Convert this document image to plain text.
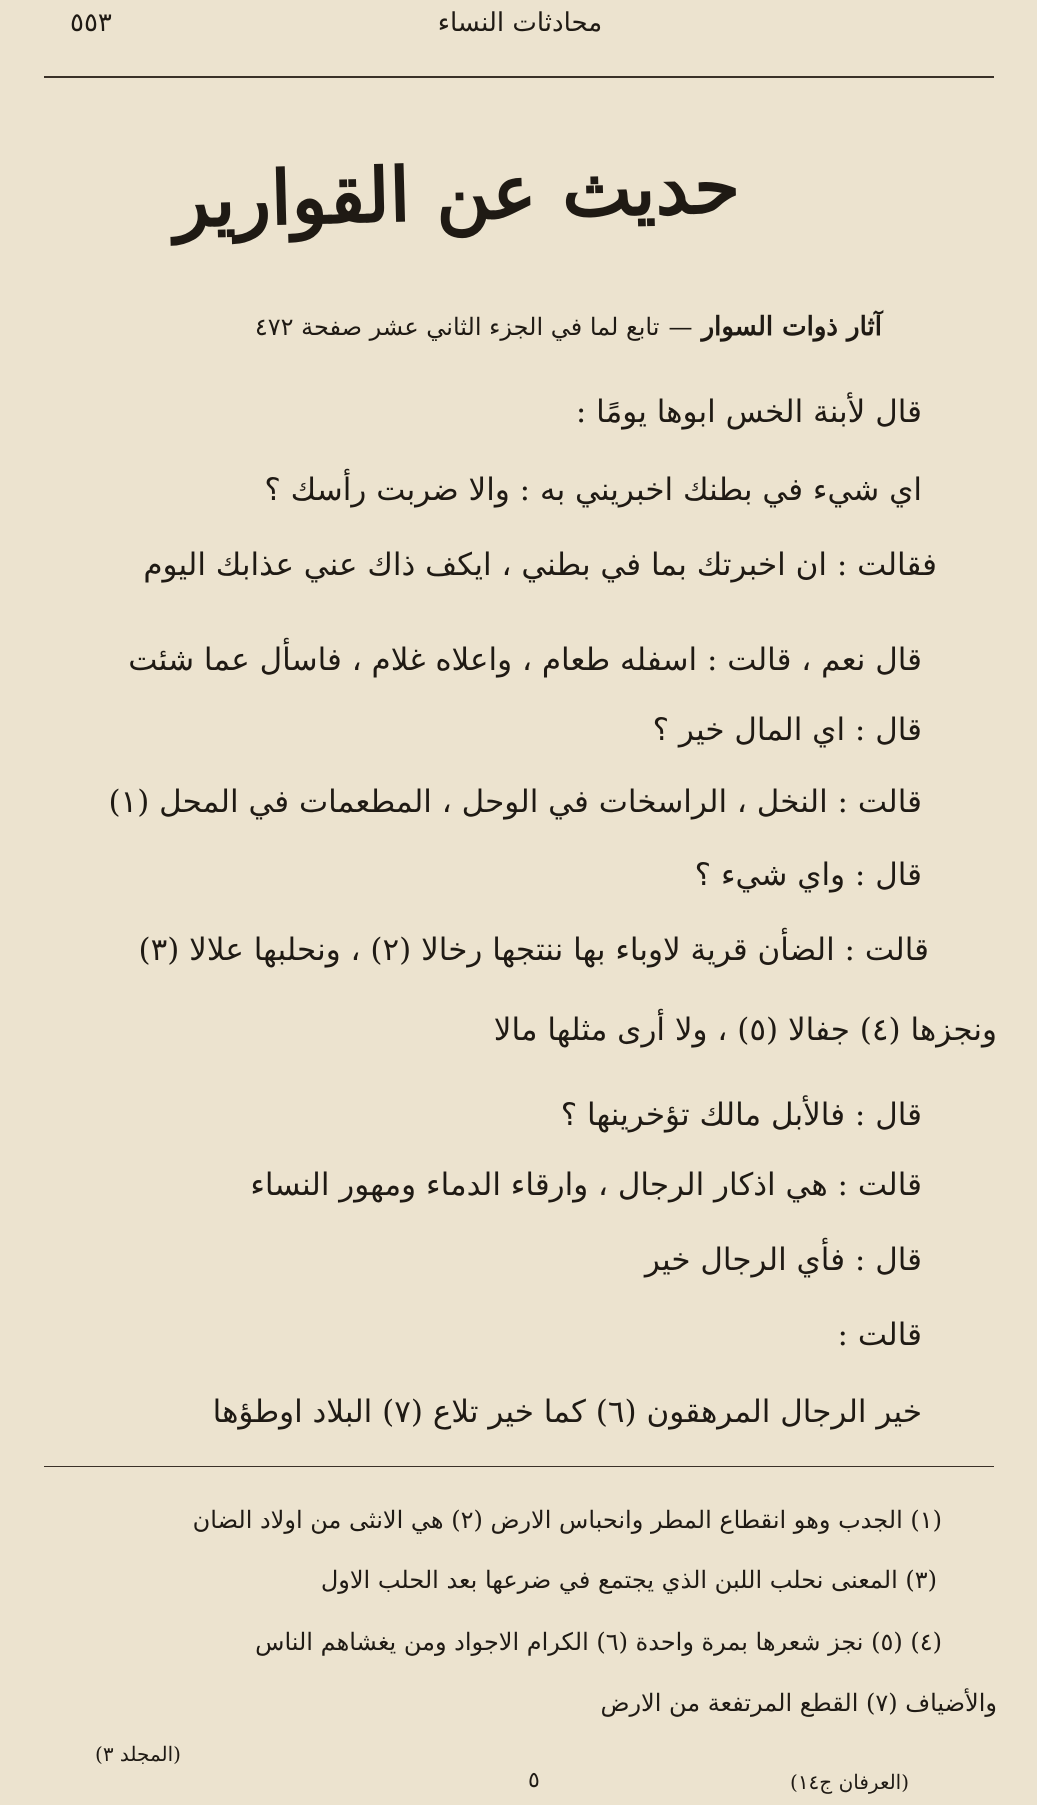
٥٥٣	محادثات النساء
حديث عن القوارير
آثار ذوات السوار — تابع لما في الجزء الثاني عشر صفحة ٤٧٢
قال لأبنة الخس ابوها يومًا :
اي شيء في بطنك اخبريني به : والا ضربت رأسك ؟
فقالت : ان اخبرتك بما في بطني ، ايكف ذاك عني عذابك اليوم
قال نعم ، قالت : اسفله طعام ، واعلاه غلام ، فاسأل عما شئت
قال : اي المال خير ؟
قالت : النخل ، الراسخات في الوحل ، المطعمات في المحل (١)
قال : واي شيء ؟
قالت : الضأن قرية لاوباء بها ننتجها رخالا (٢) ، ونحلبها علالا (٣)
ونجزها (٤) جفالا (٥) ، ولا أرى مثلها مالا
قال : فالأبل مالك تؤخرينها ؟
قالت : هي اذكار الرجال ، وارقاء الدماء ومهور النساء
قال : فأي الرجال خير
قالت :
خير الرجال المرهقون (٦) كما خير تلاع (٧) البلاد اوطؤها
(١) الجدب وهو انقطاع المطر وانحباس الارض (٢) هي الانثى من اولاد الضان
(٣) المعنى نحلب اللبن الذي يجتمع في ضرعها بعد الحلب الاول
(٤) (٥) نجز شعرها بمرة واحدة (٦) الكرام الاجواد ومن يغشاهم الناس
والأضياف (٧) القطع المرتفعة من الارض
(المجلد ٣)
٥	(العرفان ج١٤)
